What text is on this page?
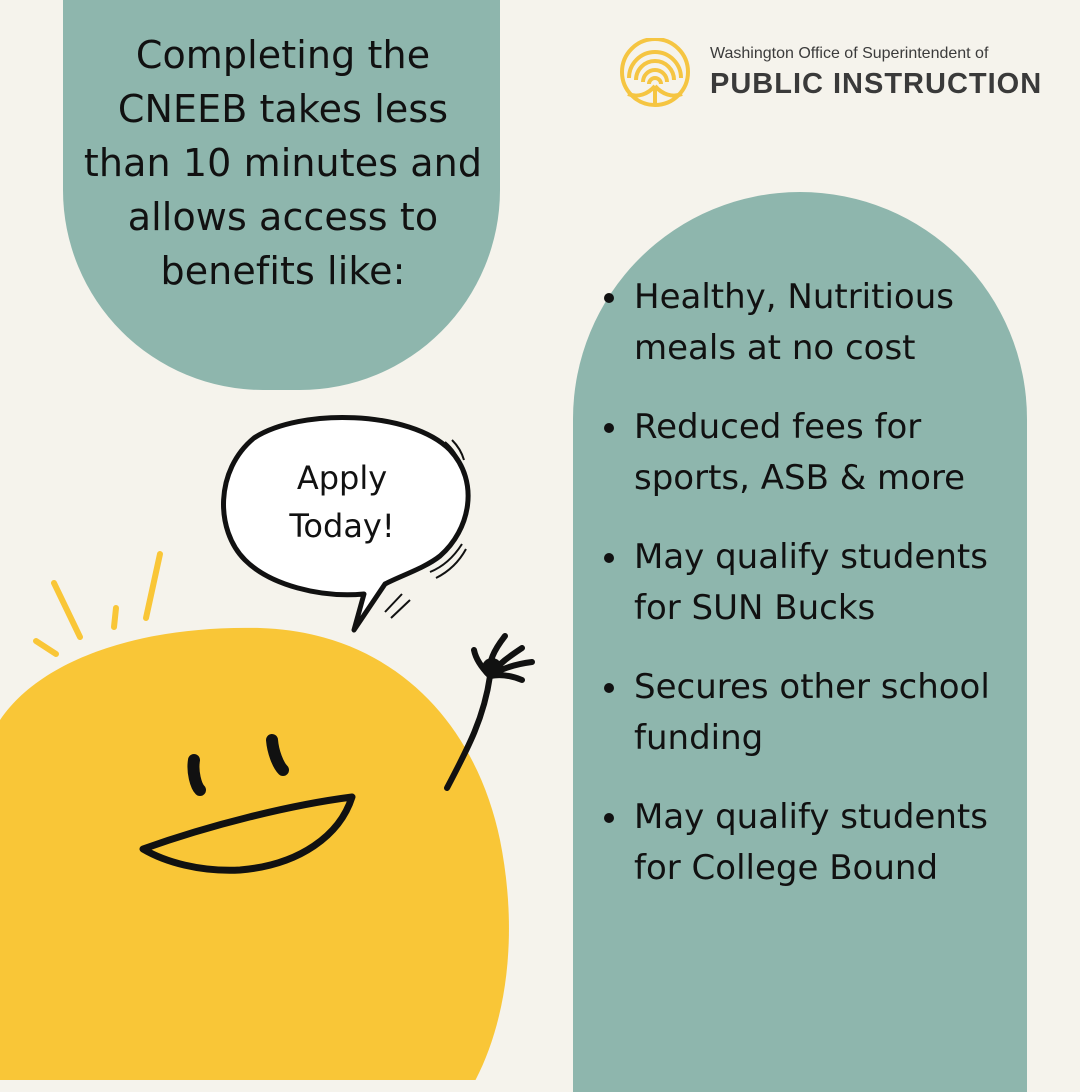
Completing the CNEEB takes less than 10 minutes and allows access to benefits like:

Washington Office of Superintendent of
PUBLIC INSTRUCTION
Healthy, Nutritious meals at no cost
Reduced fees for sports, ASB & more
May qualify students for SUN Bucks
Secures other school funding
May qualify students for College Bound

Apply Today!
